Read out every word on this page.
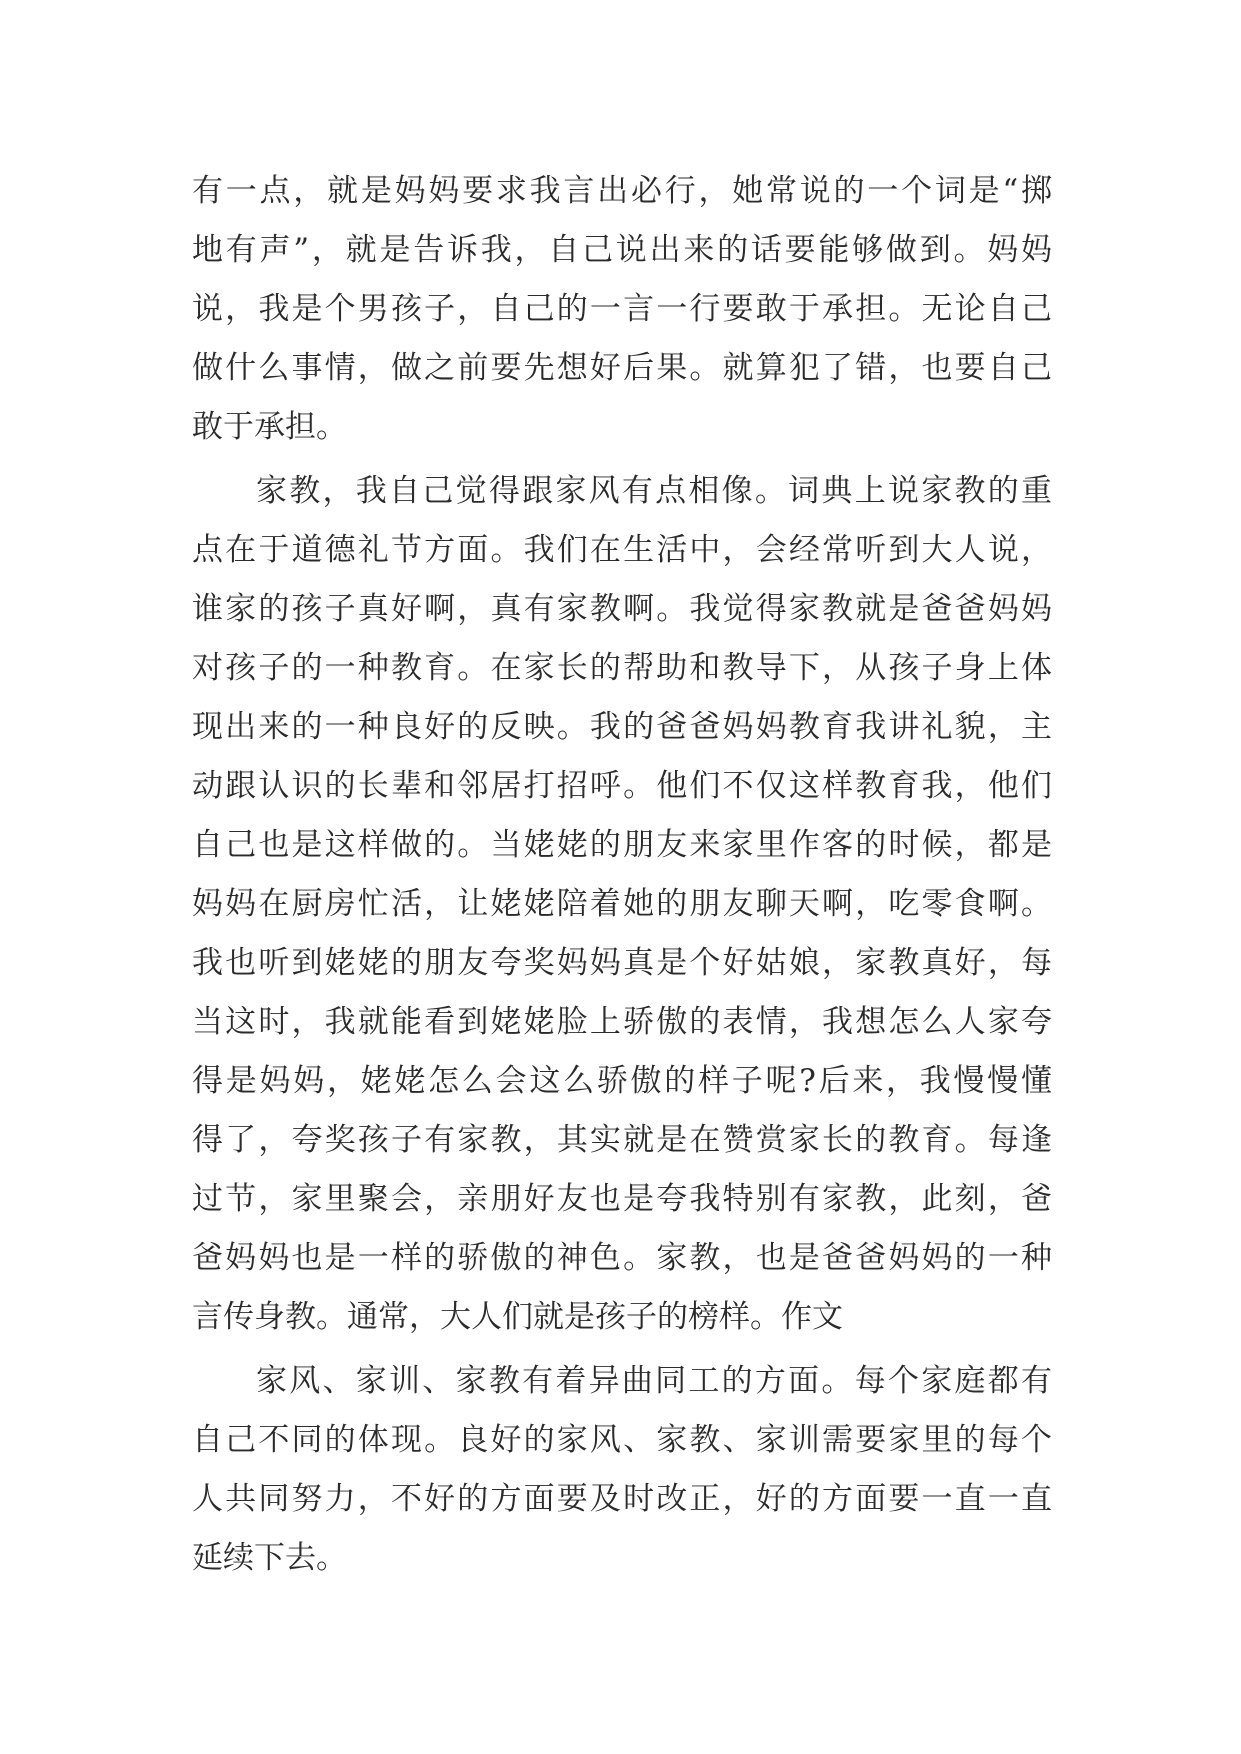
有一点，就是妈妈要求我言出必行，她常说的一个词是“掷
地有声”，就是告诉我，自己说出来的话要能够做到。妈妈
说，我是个男孩子，自己的一言一行要敢于承担。无论自己
做什么事情，做之前要先想好后果。就算犯了错，也要自己
敢于承担。
家教，我自己觉得跟家风有点相像。词典上说家教的重
点在于道德礼节方面。我们在生活中，会经常听到大人说，
谁家的孩子真好啊，真有家教啊。我觉得家教就是爸爸妈妈
对孩子的一种教育。在家长的帮助和教导下，从孩子身上体
现出来的一种良好的反映。我的爸爸妈妈教育我讲礼貌，主
动跟认识的长辈和邻居打招呼。他们不仅这样教育我，他们
自己也是这样做的。当姥姥的朋友来家里作客的时候，都是
妈妈在厨房忙活，让姥姥陪着她的朋友聊天啊，吃零食啊。
我也听到姥姥的朋友夸奖妈妈真是个好姑娘，家教真好，每
当这时，我就能看到姥姥脸上骄傲的表情，我想怎么人家夸
得是妈妈，姥姥怎么会这么骄傲的样子呢?后来，我慢慢懂
得了，夸奖孩子有家教，其实就是在赞赏家长的教育。每逢
过节，家里聚会，亲朋好友也是夸我特别有家教，此刻，爸
爸妈妈也是一样的骄傲的神色。家教，也是爸爸妈妈的一种
言传身教。通常，大人们就是孩子的榜样。作文
家风、家训、家教有着异曲同工的方面。每个家庭都有
自己不同的体现。良好的家风、家教、家训需要家里的每个
人共同努力，不好的方面要及时改正，好的方面要一直一直
延续下去。
